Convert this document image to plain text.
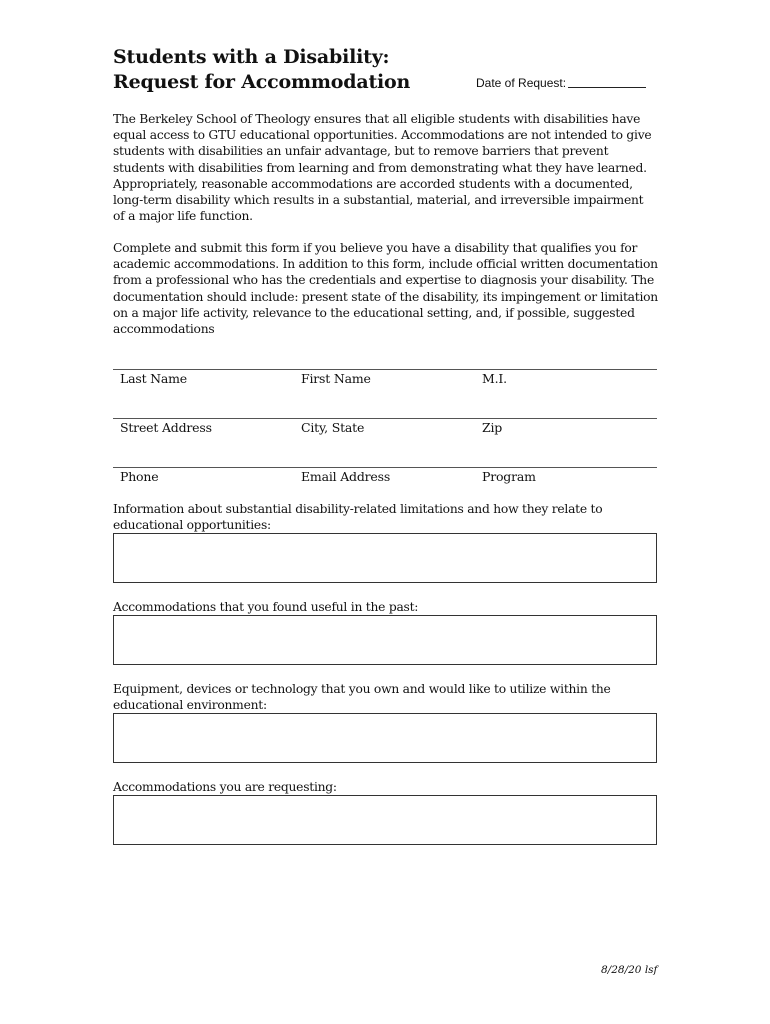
Students with a Disability:
Request for Accommodation	Date of Request:

The Berkeley School of Theology ensures that all eligible students with disabilities have equal access to GTU educational opportunities. Accommodations are not intended to give students with disabilities an unfair advantage, but to remove barriers that prevent students with disabilities from learning and from demonstrating what they have learned. Appropriately, reasonable accommodations are accorded students with a documented, long-term disability which results in a substantial, material, and irreversible impairment of a major life function.

Complete and submit this form if you believe you have a disability that qualifies you for academic accommodations. In addition to this form, include official written documentation from a professional who has the credentials and expertise to diagnosis your disability. The documentation should include: present state of the disability, its impingement or limitation on a major life activity, relevance to the educational setting, and, if possible, suggested accommodations

Last Name	First Name	M.I.
Street Address	City, State	Zip
Phone	Email Address	Program

Information about substantial disability-related limitations and how they relate to educational opportunities:

Accommodations that you found useful in the past:

Equipment, devices or technology that you own and would like to utilize within the educational environment:

Accommodations you are requesting:

8/28/20 lsf
